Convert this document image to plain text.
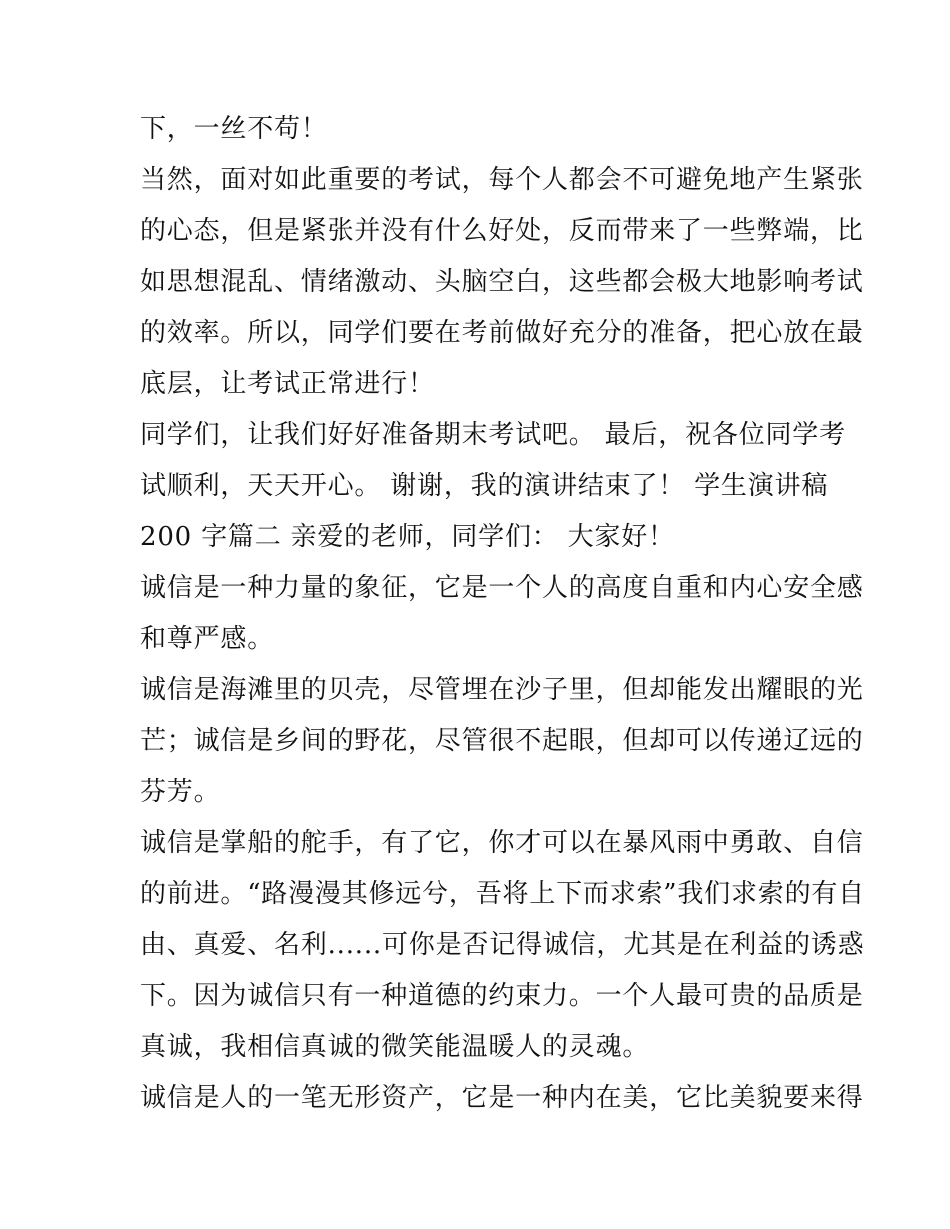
下，一丝不苟！
当然，面对如此重要的考试，每个人都会不可避免地产生紧张
的心态，但是紧张并没有什么好处，反而带来了一些弊端，比
如思想混乱、情绪激动、头脑空白，这些都会极大地影响考试
的效率。所以，同学们要在考前做好充分的准备，把心放在最
底层，让考试正常进行！
同学们，让我们好好准备期末考试吧。 最后，祝各位同学考
试顺利，天天开心。 谢谢，我的演讲结束了！ 学生演讲稿
200 字篇二 亲爱的老师，同学们： 大家好！
诚信是一种力量的象征，它是一个人的高度自重和内心安全感
和尊严感。
诚信是海滩里的贝壳，尽管埋在沙子里，但却能发出耀眼的光
芒；诚信是乡间的野花，尽管很不起眼，但却可以传递辽远的
芬芳。
诚信是掌船的舵手，有了它，你才可以在暴风雨中勇敢、自信
的前进。“路漫漫其修远兮，吾将上下而求索”我们求索的有自
由、真爱、名利......可你是否记得诚信，尤其是在利益的诱惑
下。因为诚信只有一种道德的约束力。一个人最可贵的品质是
真诚，我相信真诚的微笑能温暖人的灵魂。
诚信是人的一笔无形资产，它是一种内在美，它比美貌要来得
